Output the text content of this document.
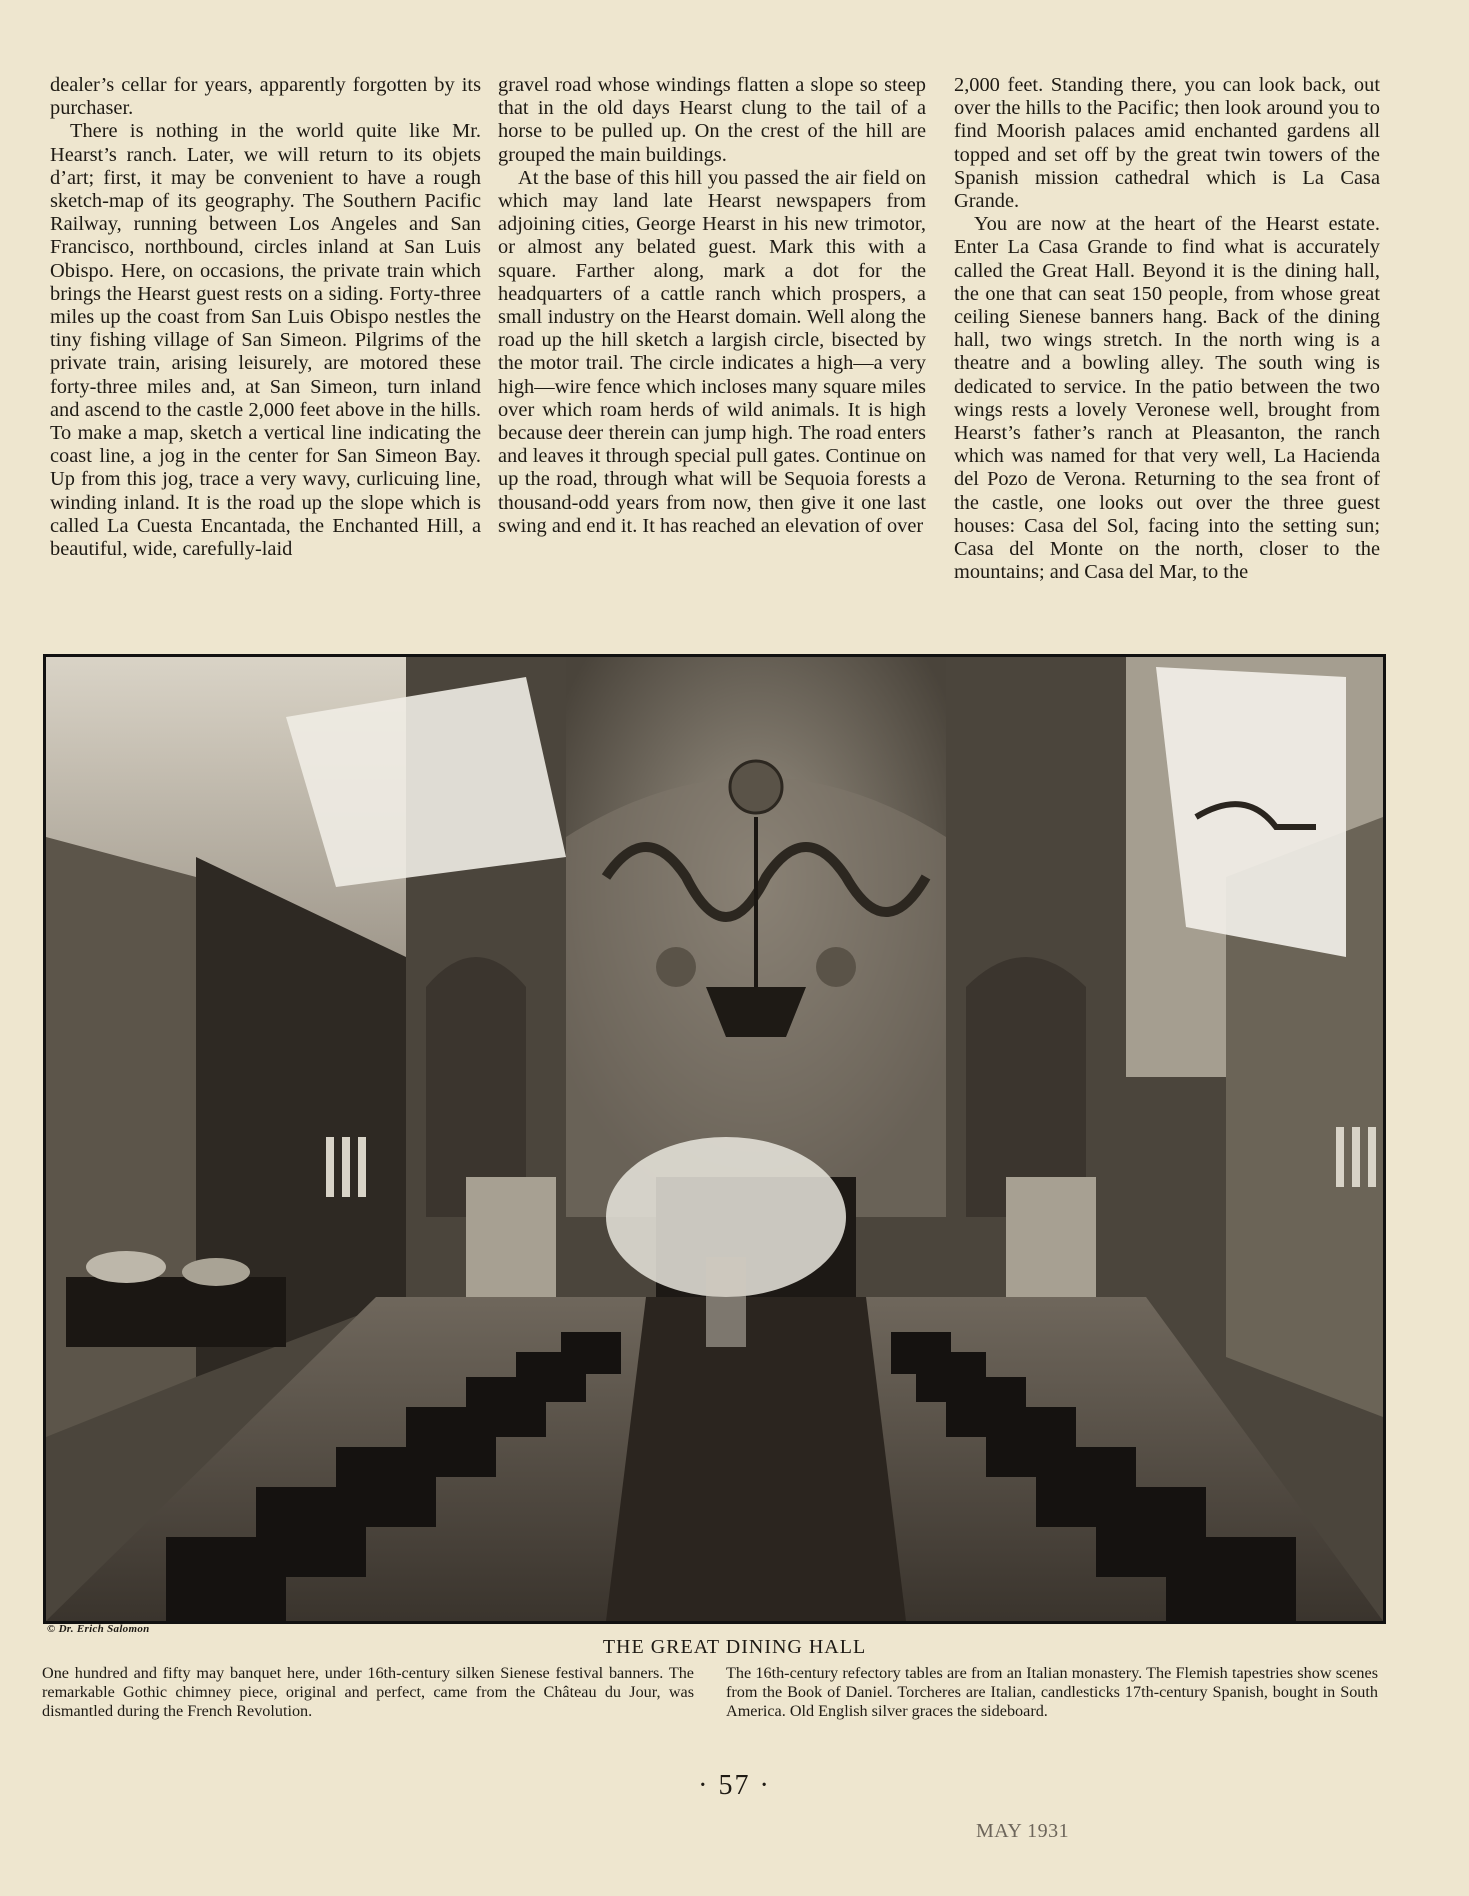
dealer’s cellar for years, apparently forgotten by its purchaser.

There is nothing in the world quite like Mr. Hearst’s ranch. Later, we will return to its objets d’art; first, it may be convenient to have a rough sketch-map of its geography. The Southern Pacific Railway, running between Los Angeles and San Francisco, northbound, circles inland at San Luis Obispo. Here, on occasions, the private train which brings the Hearst guest rests on a siding. Forty-three miles up the coast from San Luis Obispo nestles the tiny fishing village of San Simeon. Pilgrims of the private train, arising leisurely, are motored these forty-three miles and, at San Simeon, turn inland and ascend to the castle 2,000 feet above in the hills. To make a map, sketch a vertical line indicating the coast line, a jog in the center for San Simeon Bay. Up from this jog, trace a very wavy, curlicuing line, winding inland. It is the road up the slope which is called La Cuesta Encantada, the Enchanted Hill, a beautiful, wide, carefully-laid

gravel road whose windings flatten a slope so steep that in the old days Hearst clung to the tail of a horse to be pulled up. On the crest of the hill are grouped the main buildings.

At the base of this hill you passed the air field on which may land late Hearst newspapers from adjoining cities, George Hearst in his new trimotor, or almost any belated guest. Mark this with a square. Farther along, mark a dot for the headquarters of a cattle ranch which prospers, a small industry on the Hearst domain. Well along the road up the hill sketch a largish circle, bisected by the motor trail. The circle indicates a high—a very high—wire fence which incloses many square miles over which roam herds of wild animals. It is high because deer therein can jump high. The road enters and leaves it through special pull gates. Continue on up the road, through what will be Sequoia forests a thousand-odd years from now, then give it one last swing and end it. It has reached an elevation of over

2,000 feet. Standing there, you can look back, out over the hills to the Pacific; then look around you to find Moorish palaces amid enchanted gardens all topped and set off by the great twin towers of the Spanish mission cathedral which is La Casa Grande.

You are now at the heart of the Hearst estate. Enter La Casa Grande to find what is accurately called the Great Hall. Beyond it is the dining hall, the one that can seat 150 people, from whose great ceiling Sienese banners hang. Back of the dining hall, two wings stretch. In the north wing is a theatre and a bowling alley. The south wing is dedicated to service. In the patio between the two wings rests a lovely Veronese well, brought from Hearst’s father’s ranch at Pleasanton, the ranch which was named for that very well, La Hacienda del Pozo de Verona. Returning to the sea front of the castle, one looks out over the three guest houses: Casa del Sol, facing into the setting sun; Casa del Monte on the north, closer to the mountains; and Casa del Mar, to the

© Dr. Erich Salomon
THE GREAT DINING HALL
One hundred and fifty may banquet here, under 16th-century silken Sienese festival banners. The remarkable Gothic chimney piece, original and perfect, came from the Château du Jour, was dismantled during the French Revolution.
The 16th-century refectory tables are from an Italian monastery. The Flemish tapestries show scenes from the Book of Daniel. Torcheres are Italian, candlesticks 17th-century Spanish, bought in South America. Old English silver graces the sideboard.
· 57 ·
MAY 1931
